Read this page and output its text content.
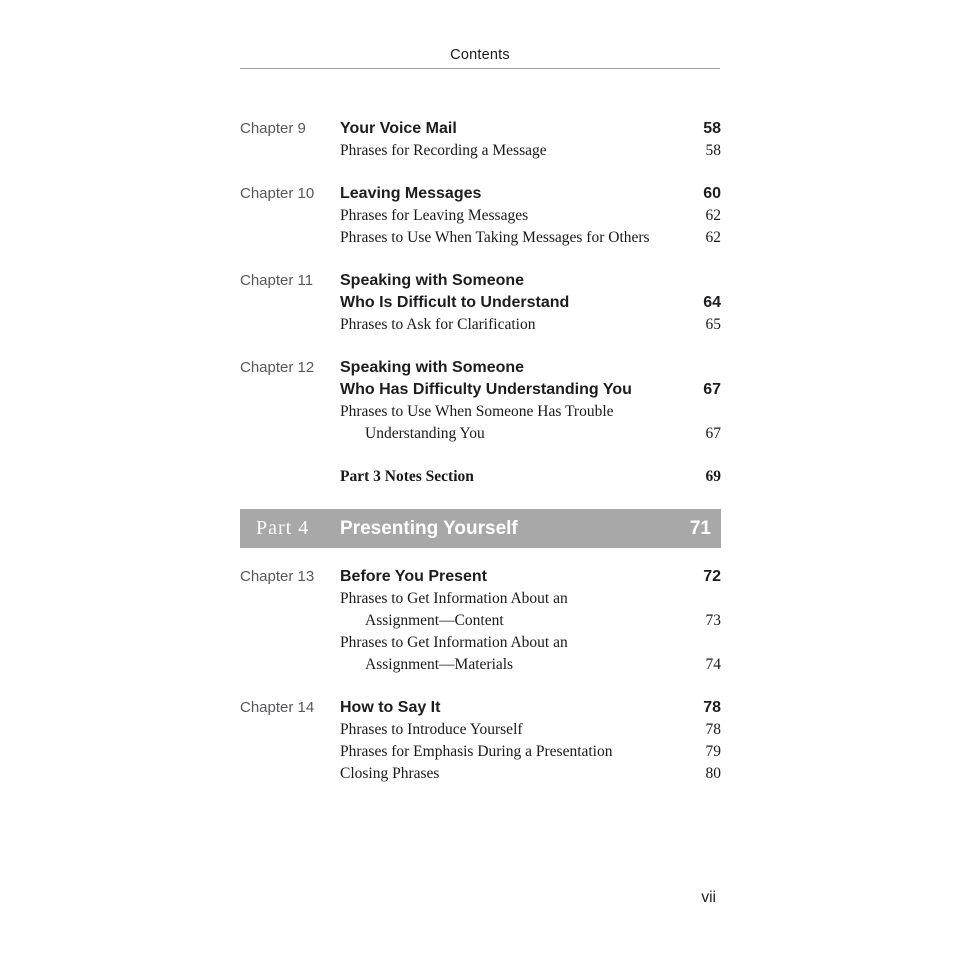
Contents
Chapter 9	Your Voice Mail	58
Phrases for Recording a Message	58
Chapter 10	Leaving Messages	60
Phrases for Leaving Messages	62
Phrases to Use When Taking Messages for Others	62
Chapter 11	Speaking with Someone
Who Is Difficult to Understand	64
Phrases to Ask for Clarification	65
Chapter 12	Speaking with Someone
Who Has Difficulty Understanding You	67
Phrases to Use When Someone Has Trouble
Understanding You	67
Part 3 Notes Section	69
Part 4	Presenting Yourself	71
Chapter 13	Before You Present	72
Phrases to Get Information About an
Assignment—Content	73
Phrases to Get Information About an
Assignment—Materials	74
Chapter 14	How to Say It	78
Phrases to Introduce Yourself	78
Phrases for Emphasis During a Presentation	79
Closing Phrases	80
vii
